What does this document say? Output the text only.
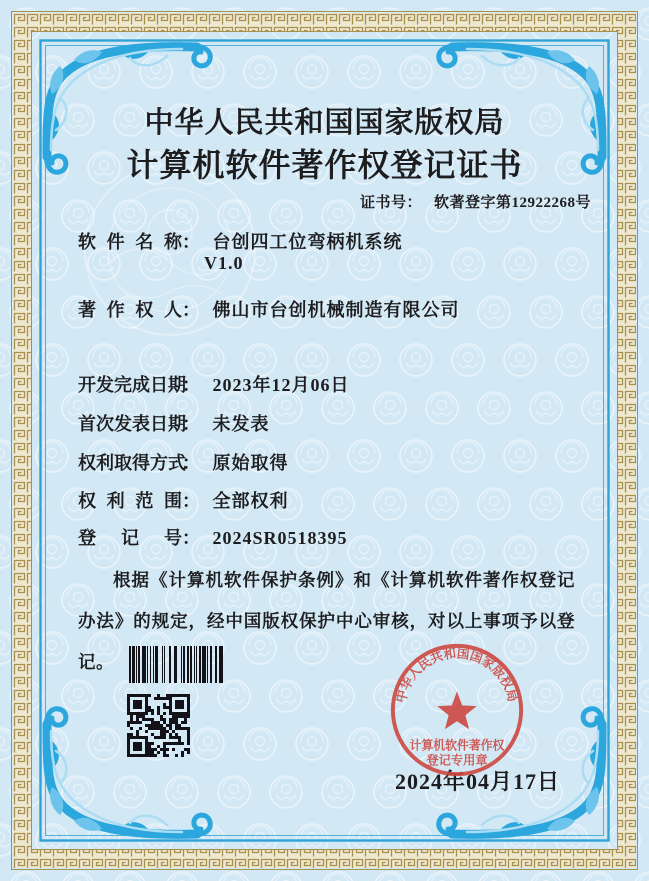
中华人民共和国国家版权局
计算机软件著作权登记证书
证书号： 软著登字第12922268号
软件名称： 台创四工位弯柄机系统
V1.0
著作权人： 佛山市台创机械制造有限公司
开发完成日期： 2023年12月06日
首次发表日期： 未发表
权利取得方式： 原始取得
权利范围： 全部权利
登记号： 2024SR0518395
根据《计算机软件保护条例》和《计算机软件著作权登记办法》的规定，经中国版权保护中心审核，对以上事项予以登记。
2024年04月17日
中华人民共和国国家版权局
计算机软件著作权
登记专用章
